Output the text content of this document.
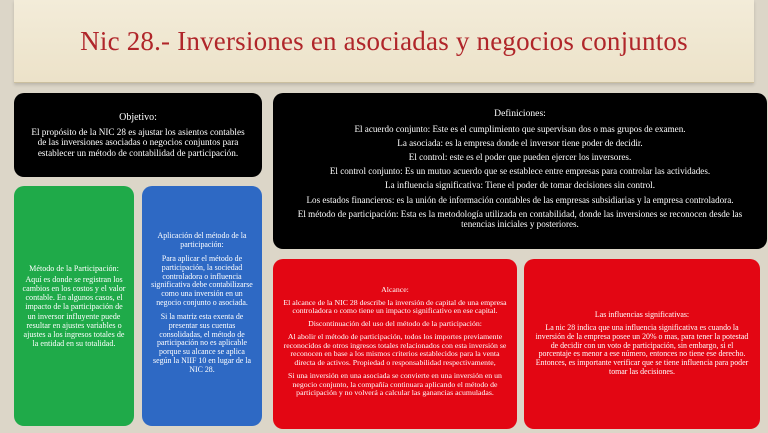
Nic 28.- Inversiones en asociadas y negocios conjuntos

Objetivo:

El propósito de la NIC 28 es ajustar los asientos contables de las inversiones asociadas o negocios conjuntos para establecer un método de contabilidad de participación.

Definiciones:

El acuerdo conjunto: Este es el cumplimiento que supervisan dos o mas grupos de examen.

La asociada: es la empresa donde el inversor tiene poder de decidir.

El control: este es el poder que pueden ejercer los inversores.

El control conjunto: Es un mutuo acuerdo que se establece entre empresas para controlar las actividades.

La influencia significativa: Tiene el poder de tomar decisiones sin control.

Los estados financieros: es la unión de información contables de las empresas subsidiarias y la empresa controladora.

El método de participación: Esta es la metodología utilizada en contabilidad, donde las inversiones se reconocen desde las tenencias iniciales y posteriores.

Método de la Participación:

Aquí es donde se registran los cambios en los costos y el valor contable. En algunos casos, el impacto de la participación de un inversor influyente puede resultar en ajustes variables o ajustes a los ingresos totales de la entidad en su totalidad.

Aplicación del método de la participación:

Para aplicar el método de participación, la sociedad controladora o influencia significativa debe contabilizarse como una inversión en un negocio conjunto o asociada.

Si la matriz esta exenta de presentar sus cuentas consolidadas, el método de participación no es aplicable porque su alcance se aplica según la NIIF 10 en lugar de la NIC 28.

Alcance:

El alcance de la NIC 28 describe la inversión de capital de una empresa controladora o como tiene un impacto significativo en ese capital.

Discontinuación del uso del método de la participación:

Al abolir el método de participación, todos los importes previamente reconocidos de otros ingresos totales relacionados con esta inversión se reconocen en base a los mismos criterios establecidos para la venta directa de activos. Propiedad o responsabilidad respectivamente,

Si una inversión en una asociada se convierte en una inversión en un negocio conjunto, la compañía continuara aplicando el método de participación y no volverá a calcular las ganancias acumuladas.

Las influencias significativas:

La nic 28 indica que una influencia significativa es cuando la inversión de la empresa posee un 20% o mas, para tener la potestad de decidir con un voto de participación, sin embargo, si el porcentaje es menor a ese número, entonces no tiene ese derecho. Entonces, es importante verificar que se tiene influencia para poder tomar las decisiones.
